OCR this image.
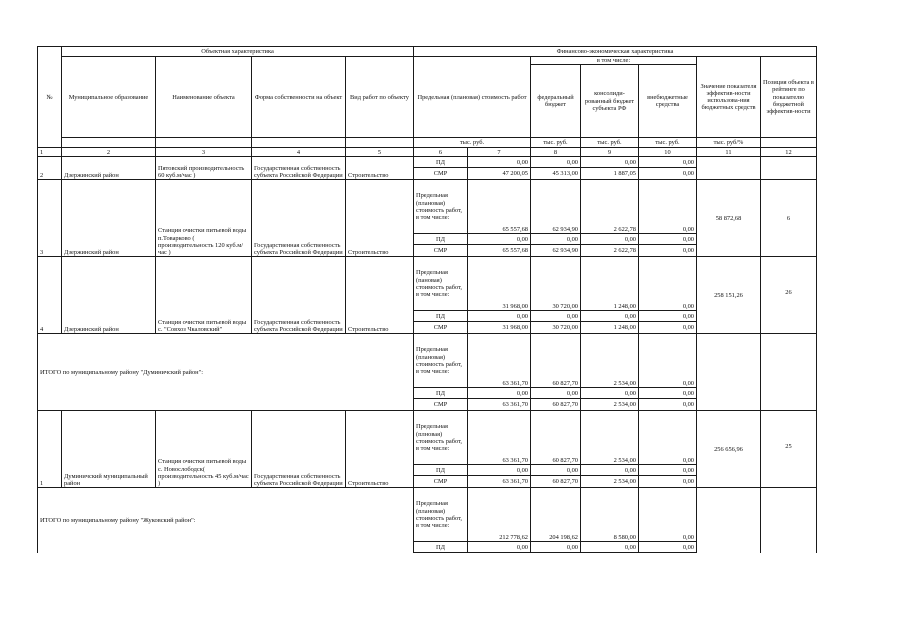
№	Объектная характеристика				Финансово-экономическая характеристика						
	Муниципальное образование	Наименование объекта	Форма собственности на объект	Вид работ по объекту	Предельная (плановая) стоимость работ		в том числе:			Значение показателя эффектив-ности использова-ния бюджетных средств	Позиция объекта в рейтинге по показателю бюджетной эффектив-ности
							федеральный бюджет	консолиди-рованный бюджет субъекта РФ	внебюджетные средства		
					тыс. руб.		тыс. руб.	тыс. руб.	тыс. руб.	тыс. руб/%	
1	2	3	4	5	6	7	8	9	10	11	12
2	Дзержинский район	Пятовский производительность 60 куб.м/час )	Государственная собственность субъекта Российской Федерации	Строительство	ПД	0,00	0,00	0,00	0,00		
					СМР	47 200,05	45 313,00	1 887,05	0,00		
3	Дзержинский район	Станция очистки питьевой воды п.Товарково ( производительность 120 куб.м/час )	Государственная собственность субъекта Российской Федерации	Строительство	Предельная (плановая) стоимость работ, в том числе:	65 557,68	62 934,90	2 622,78	0,00	58 872,68	6
					ПД	0,00	0,00	0,00	0,00		
					СМР	65 557,68	62 934,90	2 622,78	0,00		
4	Дзержинский район	Станция очистки питьевой воды с. "Совхоз Чкаловский"	Государственная собственность субъекта Российской Федерации	Строительство	Предельная (пановая) стоимость работ, в том числе:	31 968,00	30 720,00	1 248,00	0,00	258 151,26	26
					ПД	0,00	0,00	0,00	0,00		
					СМР	31 968,00	30 720,00	1 248,00	0,00		
ИТОГО по муниципальному району "Думиничский район":					Предельная (плановая) стоимость работ, в том числе:	63 361,70	60 827,70	2 534,00	0,00		
					ПД	0,00	0,00	0,00	0,00		
					СМР	63 361,70	60 827,70	2 534,00	0,00		
1	Думиничский муниципальный район	Станция очистки питьевой воды с. Новослободск( производительность 45 куб.м/час )	Государственная собственность субъекта Российской Федерации	Строительство	Предельная (плновая) стоимость работ, в том числе:	63 361,70	60 827,70	2 534,00	0,00	256 656,96	25
					ПД	0,00	0,00	0,00	0,00		
					СМР	63 361,70	60 827,70	2 534,00	0,00		
ИТОГО по муниципальному району "Жуковский район":					Предельная (плановая) стоимость работ, в том числе:	212 778,62	204 198,62	8 580,00	0,00		
					ПД	0,00	0,00	0,00	0,00		
